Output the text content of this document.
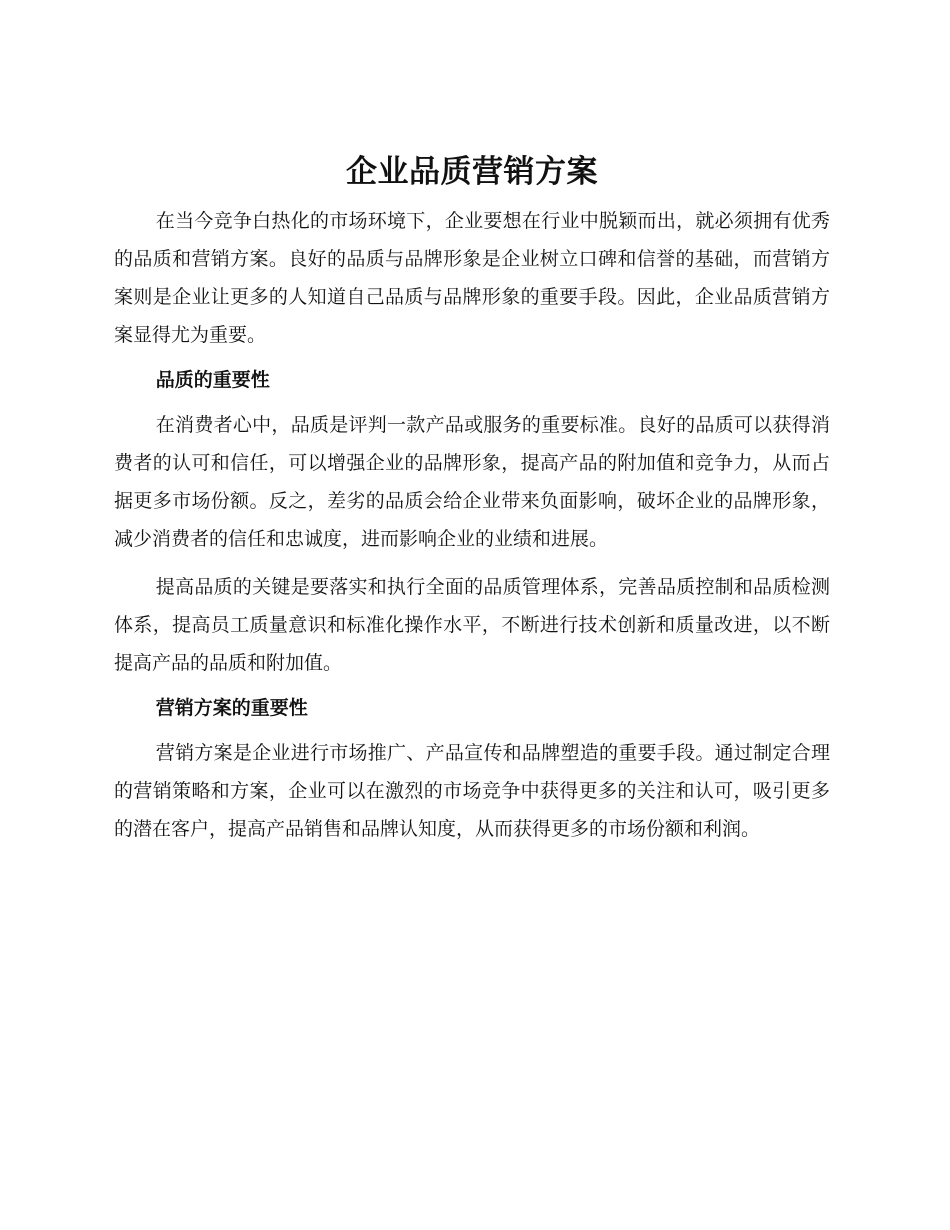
企业品质营销方案

在当今竞争白热化的市场环境下，企业要想在行业中脱颖而出，就必须拥有优秀的品质和营销方案。良好的品质与品牌形象是企业树立口碑和信誉的基础，而营销方案则是企业让更多的人知道自己品质与品牌形象的重要手段。因此，企业品质营销方案显得尤为重要。

品质的重要性

在消费者心中，品质是评判一款产品或服务的重要标准。良好的品质可以获得消费者的认可和信任，可以增强企业的品牌形象，提高产品的附加值和竞争力，从而占据更多市场份额。反之，差劣的品质会给企业带来负面影响，破坏企业的品牌形象，减少消费者的信任和忠诚度，进而影响企业的业绩和进展。

提高品质的关键是要落实和执行全面的品质管理体系，完善品质控制和品质检测体系，提高员工质量意识和标准化操作水平，不断进行技术创新和质量改进，以不断提高产品的品质和附加值。

营销方案的重要性

营销方案是企业进行市场推广、产品宣传和品牌塑造的重要手段。通过制定合理的营销策略和方案，企业可以在激烈的市场竞争中获得更多的关注和认可，吸引更多的潜在客户，提高产品销售和品牌认知度，从而获得更多的市场份额和利润。
